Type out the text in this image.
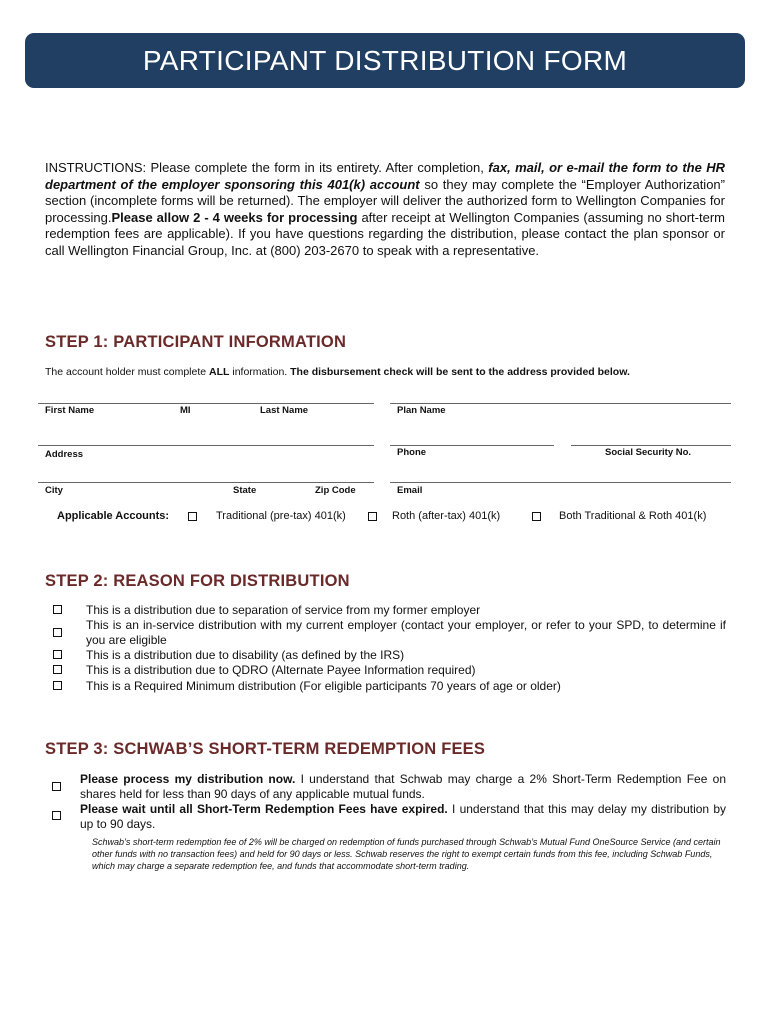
PARTICIPANT DISTRIBUTION FORM
INSTRUCTIONS: Please complete the form in its entirety. After completion, fax, mail, or e-mail the form to the HR department of the employer sponsoring this 401(k) account so they may complete the “Employer Authorization” section (incomplete forms will be returned). The employer will deliver the authorized form to Wellington Companies for processing.Please allow 2 - 4 weeks for processing after receipt at Wellington Companies (assuming no short-term redemption fees are applicable). If you have questions regarding the distribution, please contact the plan sponsor or call Wellington Financial Group, Inc. at (800) 203-2670 to speak with a representative.
STEP 1: PARTICIPANT INFORMATION
The account holder must complete ALL information. The disbursement check will be sent to the address provided below.
First Name	MI	Last Name	Plan Name
Address	Phone	Social Security No.
City	State	Zip Code	Email
Applicable Accounts:	Traditional (pre-tax) 401(k)	Roth (after-tax) 401(k)	Both Traditional & Roth 401(k)
STEP 2: REASON FOR DISTRIBUTION
This is a distribution due to separation of service from my former employer
This is an in-service distribution with my current employer (contact your employer, or refer to your SPD, to determine if you are eligible
This is a distribution due to disability (as defined by the IRS)
This is a distribution due to QDRO (Alternate Payee Information required)
This is a Required Minimum distribution (For eligible participants 70 years of age or older)
STEP 3: SCHWAB’S SHORT-TERM REDEMPTION FEES
Please process my distribution now. I understand that Schwab may charge a 2% Short-Term Redemption Fee on shares held for less than 90 days of any applicable mutual funds.
Please wait until all Short-Term Redemption Fees have expired. I understand that this may delay my distribution by up to 90 days.
Schwab’s short-term redemption fee of 2% will be charged on redemption of funds purchased through Schwab’s Mutual Fund OneSource Service (and certain other funds with no transaction fees) and held for 90 days or less. Schwab reserves the right to exempt certain funds from this fee, including Schwab Funds, which may charge a separate redemption fee, and funds that accommodate short-term trading.
